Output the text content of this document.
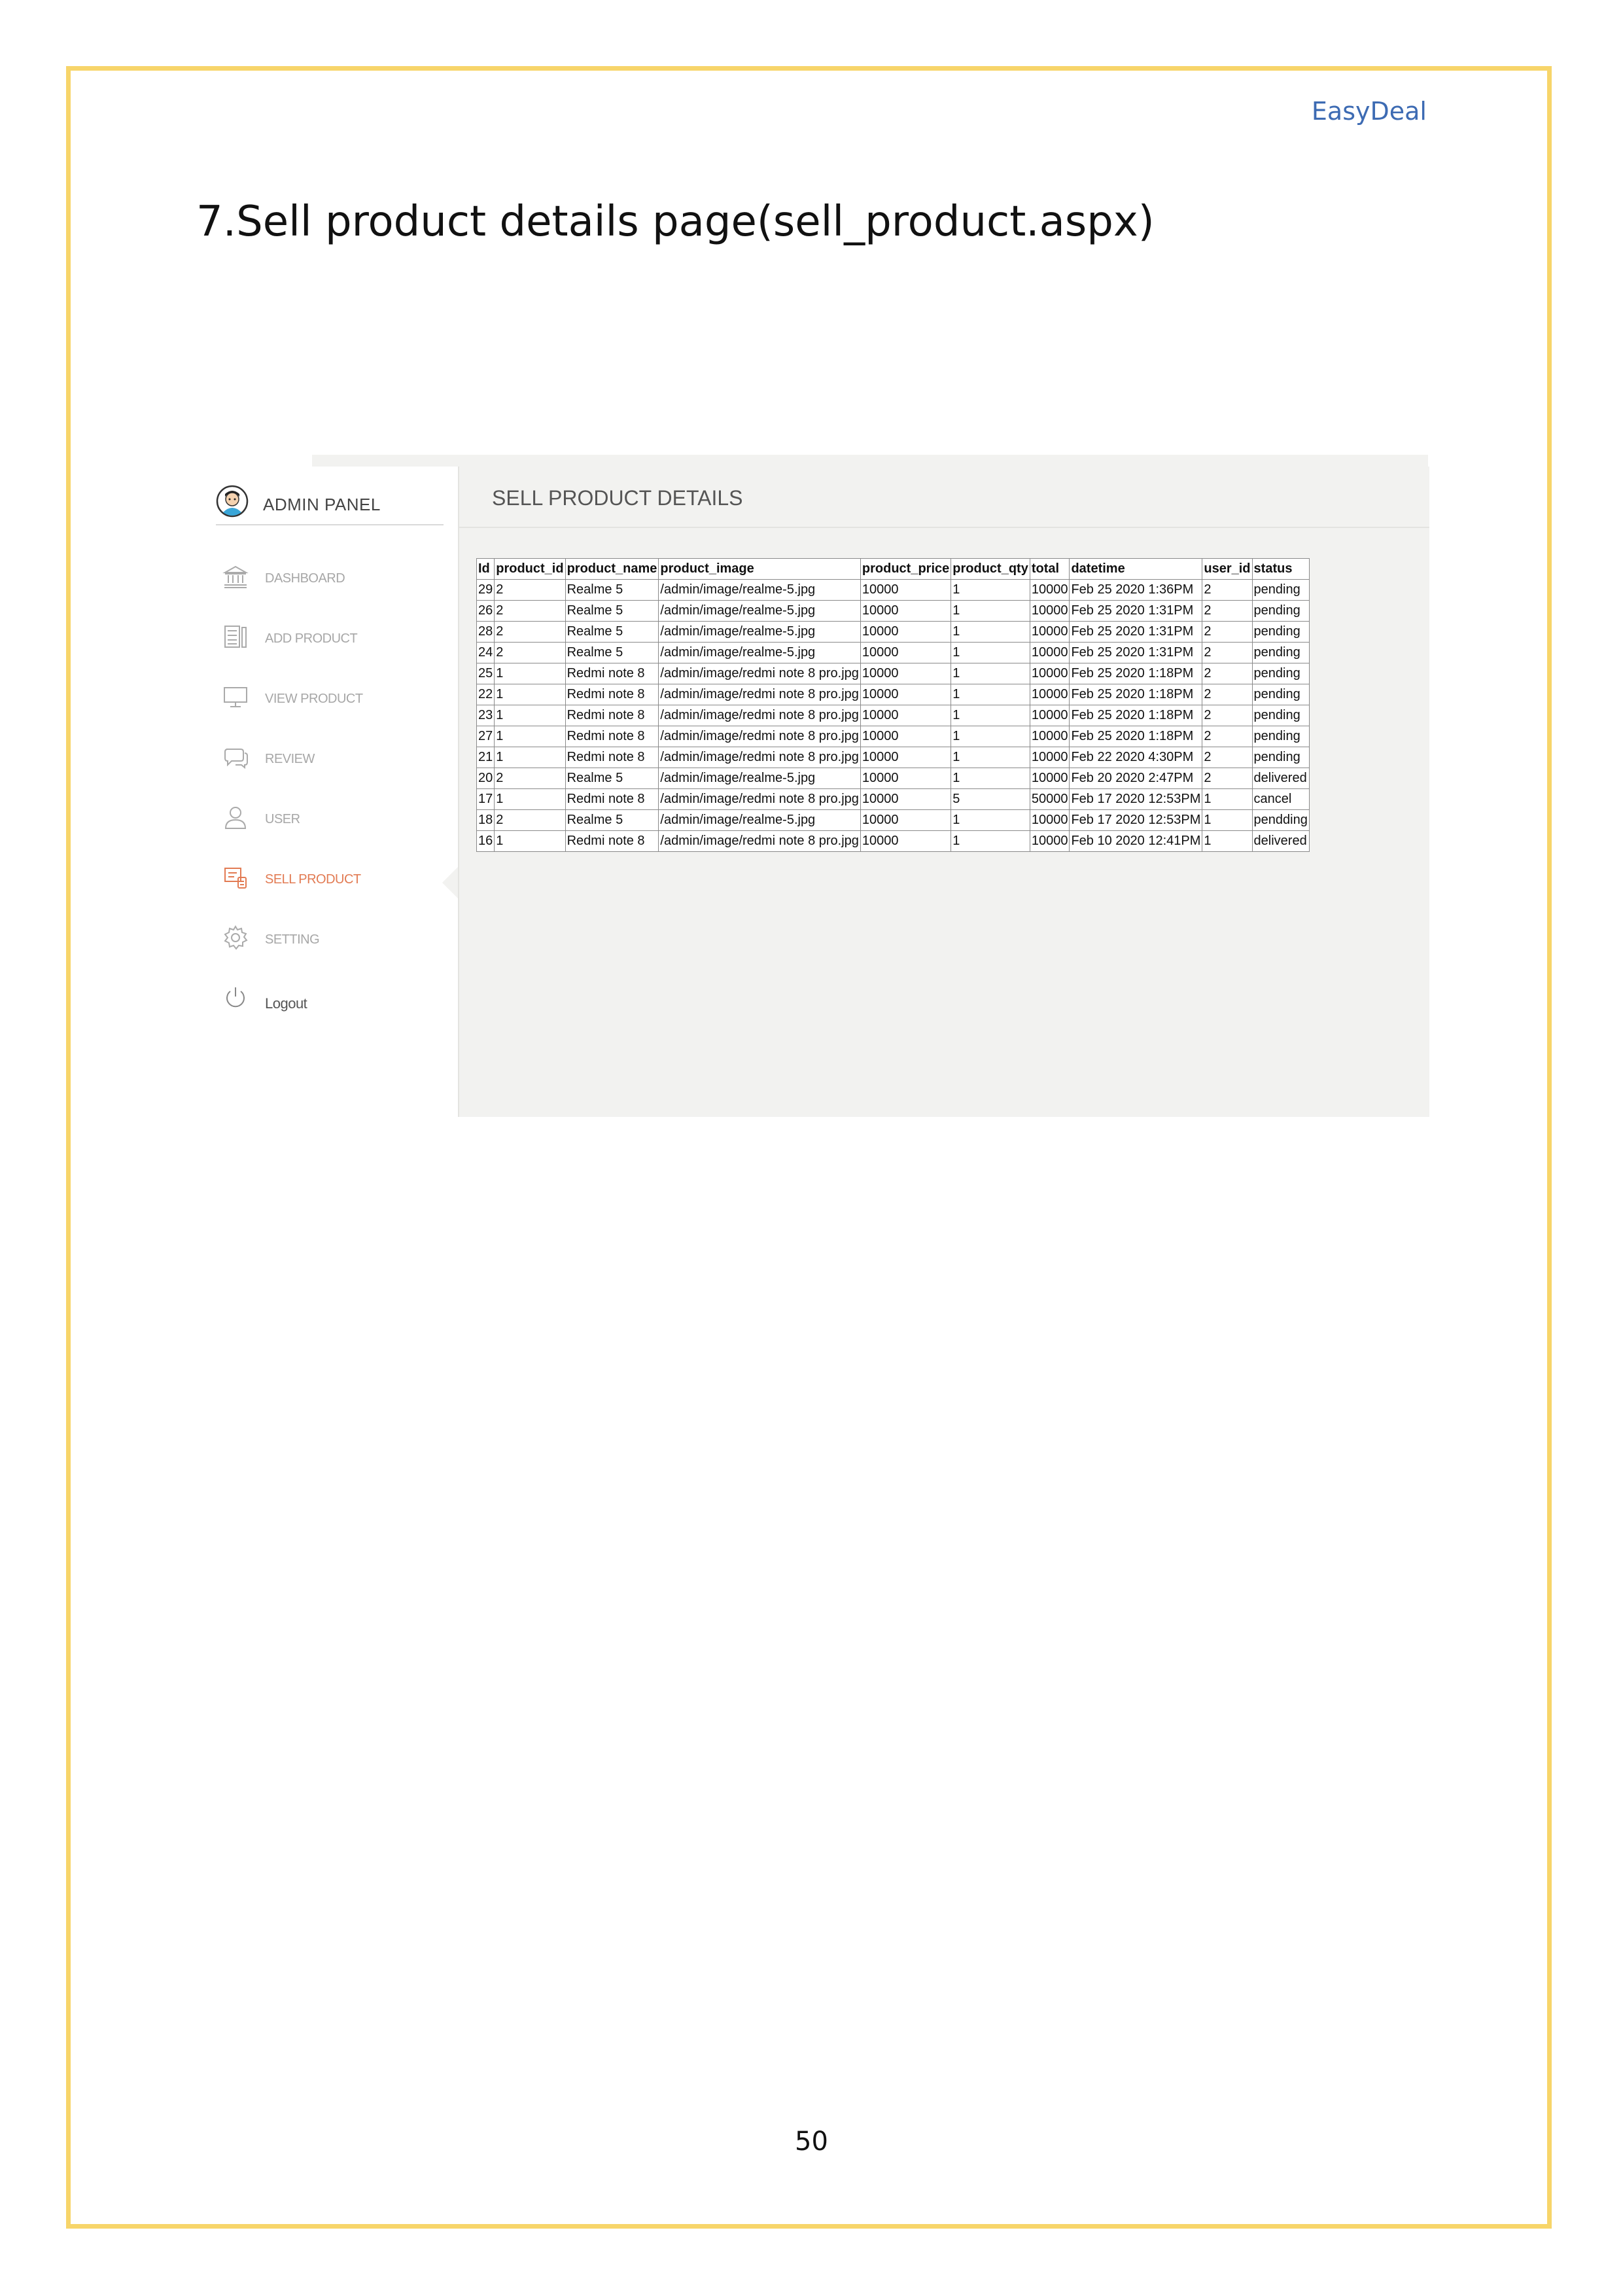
EasyDeal
7.Sell product details page(sell_product.aspx)
ADMIN PANEL
DASHBOARD
ADD PRODUCT
VIEW PRODUCT
REVIEW
USER
SELL PRODUCT
SETTING
Logout
SELL PRODUCT DETAILS
Id	product_id	product_name	product_image	product_price	product_qty	total	datetime	user_id	status
29	2	Realme 5	/admin/image/realme-5.jpg	10000	1	10000	Feb 25 2020 1:36PM	2	pending
26	2	Realme 5	/admin/image/realme-5.jpg	10000	1	10000	Feb 25 2020 1:31PM	2	pending
28	2	Realme 5	/admin/image/realme-5.jpg	10000	1	10000	Feb 25 2020 1:31PM	2	pending
24	2	Realme 5	/admin/image/realme-5.jpg	10000	1	10000	Feb 25 2020 1:31PM	2	pending
25	1	Redmi note 8	/admin/image/redmi note 8 pro.jpg	10000	1	10000	Feb 25 2020 1:18PM	2	pending
22	1	Redmi note 8	/admin/image/redmi note 8 pro.jpg	10000	1	10000	Feb 25 2020 1:18PM	2	pending
23	1	Redmi note 8	/admin/image/redmi note 8 pro.jpg	10000	1	10000	Feb 25 2020 1:18PM	2	pending
27	1	Redmi note 8	/admin/image/redmi note 8 pro.jpg	10000	1	10000	Feb 25 2020 1:18PM	2	pending
21	1	Redmi note 8	/admin/image/redmi note 8 pro.jpg	10000	1	10000	Feb 22 2020 4:30PM	2	pending
20	2	Realme 5	/admin/image/realme-5.jpg	10000	1	10000	Feb 20 2020 2:47PM	2	delivered
17	1	Redmi note 8	/admin/image/redmi note 8 pro.jpg	10000	5	50000	Feb 17 2020 12:53PM	1	cancel
18	2	Realme 5	/admin/image/realme-5.jpg	10000	1	10000	Feb 17 2020 12:53PM	1	pendding
16	1	Redmi note 8	/admin/image/redmi note 8 pro.jpg	10000	1	10000	Feb 10 2020 12:41PM	1	delivered
50
